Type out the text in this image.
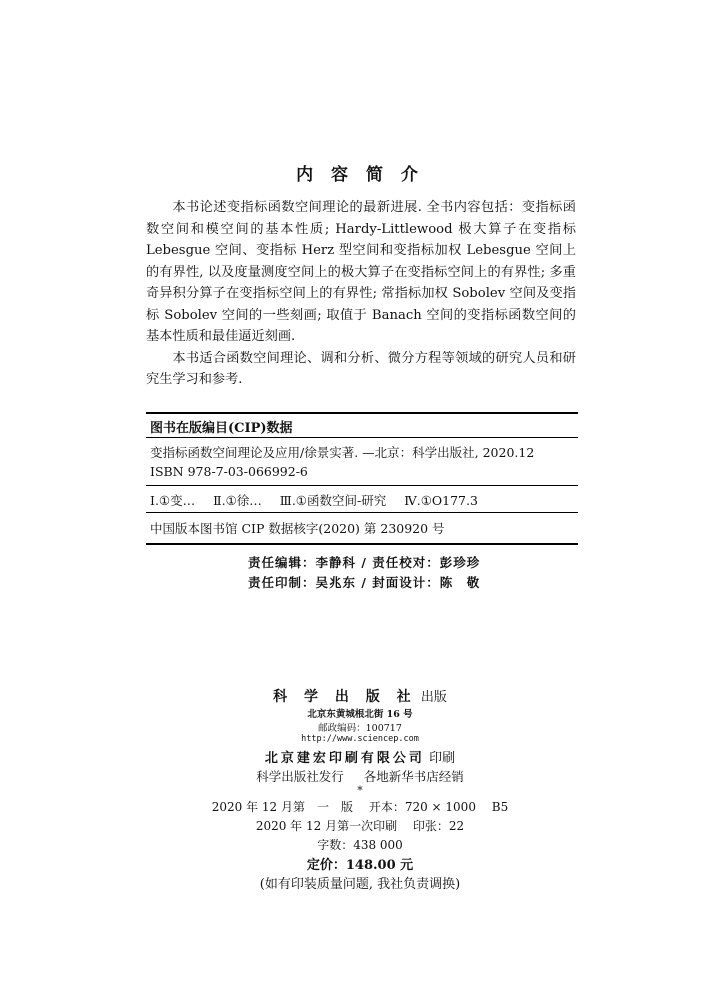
内 容 简 介

本书论述变指标函数空间理论的最新进展. 全书内容包括：变指标函数空间和模空间的基本性质; Hardy-Littlewood 极大算子在变指标 Lebesgue 空间、变指标 Herz 型空间和变指标加权 Lebesgue 空间上的有界性, 以及度量测度空间上的极大算子在变指标空间上的有界性; 多重奇异积分算子在变指标空间上的有界性; 常指标加权 Sobolev 空间及变指标 Sobolev 空间的一些刻画; 取值于 Banach 空间的变指标函数空间的基本性质和最佳逼近刻画.

本书适合函数空间理论、调和分析、微分方程等领域的研究人员和研究生学习和参考.

图书在版编目(CIP)数据
变指标函数空间理论及应用/徐景实著. —北京：科学出版社, 2020.12
ISBN 978-7-03-066992-6
Ⅰ.①变… Ⅱ.①徐… Ⅲ.①函数空间-研究 Ⅳ.①O177.3
中国版本图书馆 CIP 数据核字(2020) 第 230920 号
责任编辑：李静科 / 责任校对：彭珍珍
责任印制：吴兆东 / 封面设计：陈　敬
科 学 出 版 社 出版
北京东黄城根北街 16 号
邮政编码：100717
http://www.sciencep.com
北京建宏印刷有限公司 印刷
科学出版社发行 各地新华书店经销
*
2020 年 12 月第　一　版 开本：720 × 1000 B5
2020 年 12 月第一次印刷 印张：22
字数：438 000
定价：148.00 元
(如有印装质量问题, 我社负责调换)
